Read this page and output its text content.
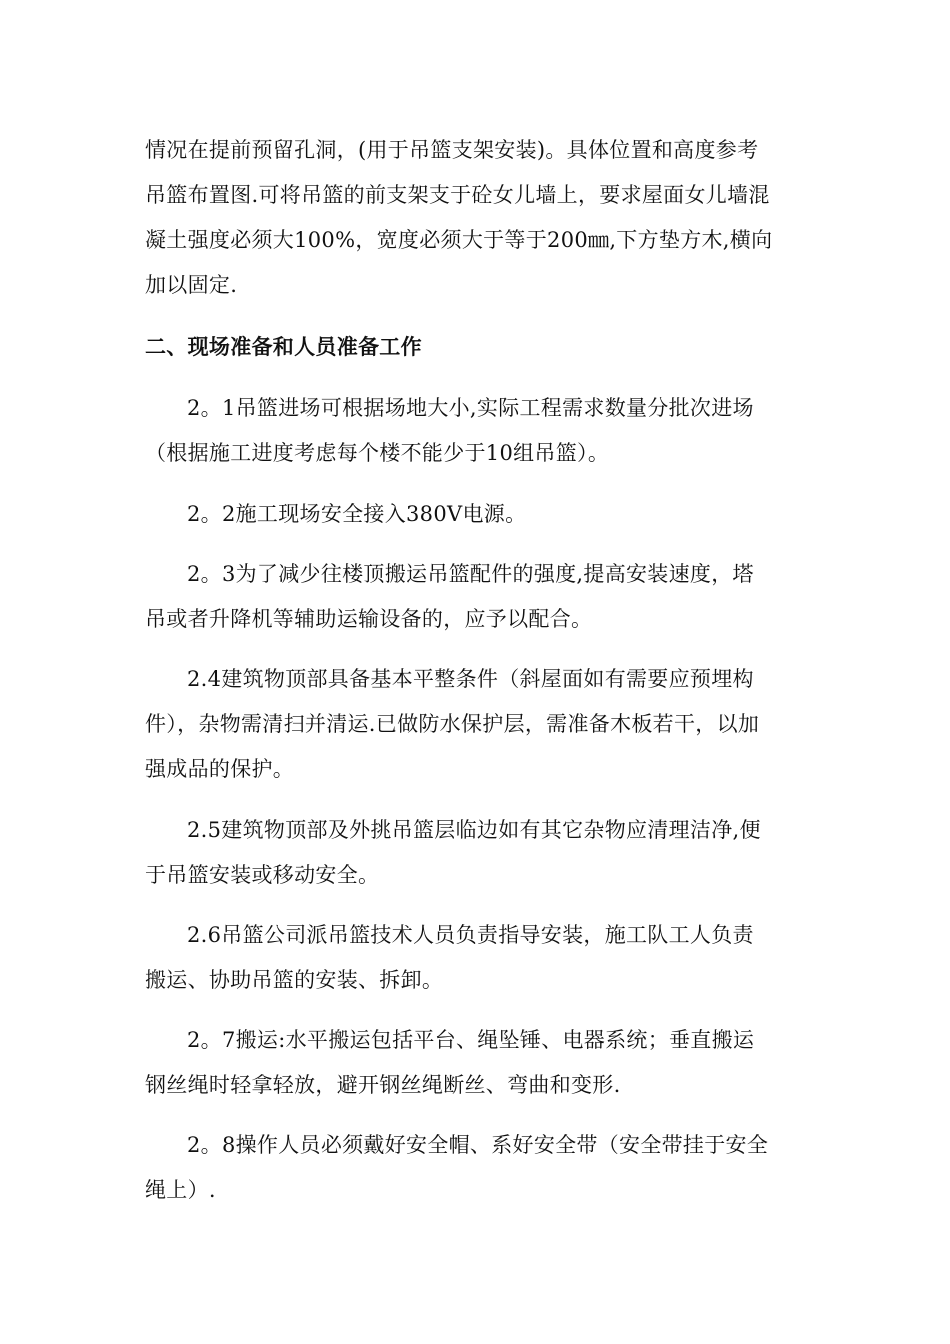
情况在提前预留孔洞，(用于吊篮支架安装)。具体位置和高度参考
吊篮布置图.可将吊篮的前支架支于砼女儿墙上，要求屋面女儿墙混
凝土强度必须大100%，宽度必须大于等于200㎜,下方垫方木,横向
加以固定.
二、现场准备和人员准备工作
2。1吊篮进场可根据场地大小,实际工程需求数量分批次进场
（根据施工进度考虑每个楼不能少于10组吊篮）。
2。2施工现场安全接入380V电源。
2。3为了减少往楼顶搬运吊篮配件的强度,提高安装速度，塔
吊或者升降机等辅助运输设备的，应予以配合。
2.4建筑物顶部具备基本平整条件（斜屋面如有需要应预埋构
件），杂物需清扫并清运.已做防水保护层，需准备木板若干，以加
强成品的保护。
2.5建筑物顶部及外挑吊篮层临边如有其它杂物应清理洁净,便
于吊篮安装或移动安全。
2.6吊篮公司派吊篮技术人员负责指导安装，施工队工人负责
搬运、协助吊篮的安装、拆卸。
2。7搬运:水平搬运包括平台、绳坠锤、电器系统；垂直搬运
钢丝绳时轻拿轻放，避开钢丝绳断丝、弯曲和变形.
2。8操作人员必须戴好安全帽、系好安全带（安全带挂于安全
绳上）.
